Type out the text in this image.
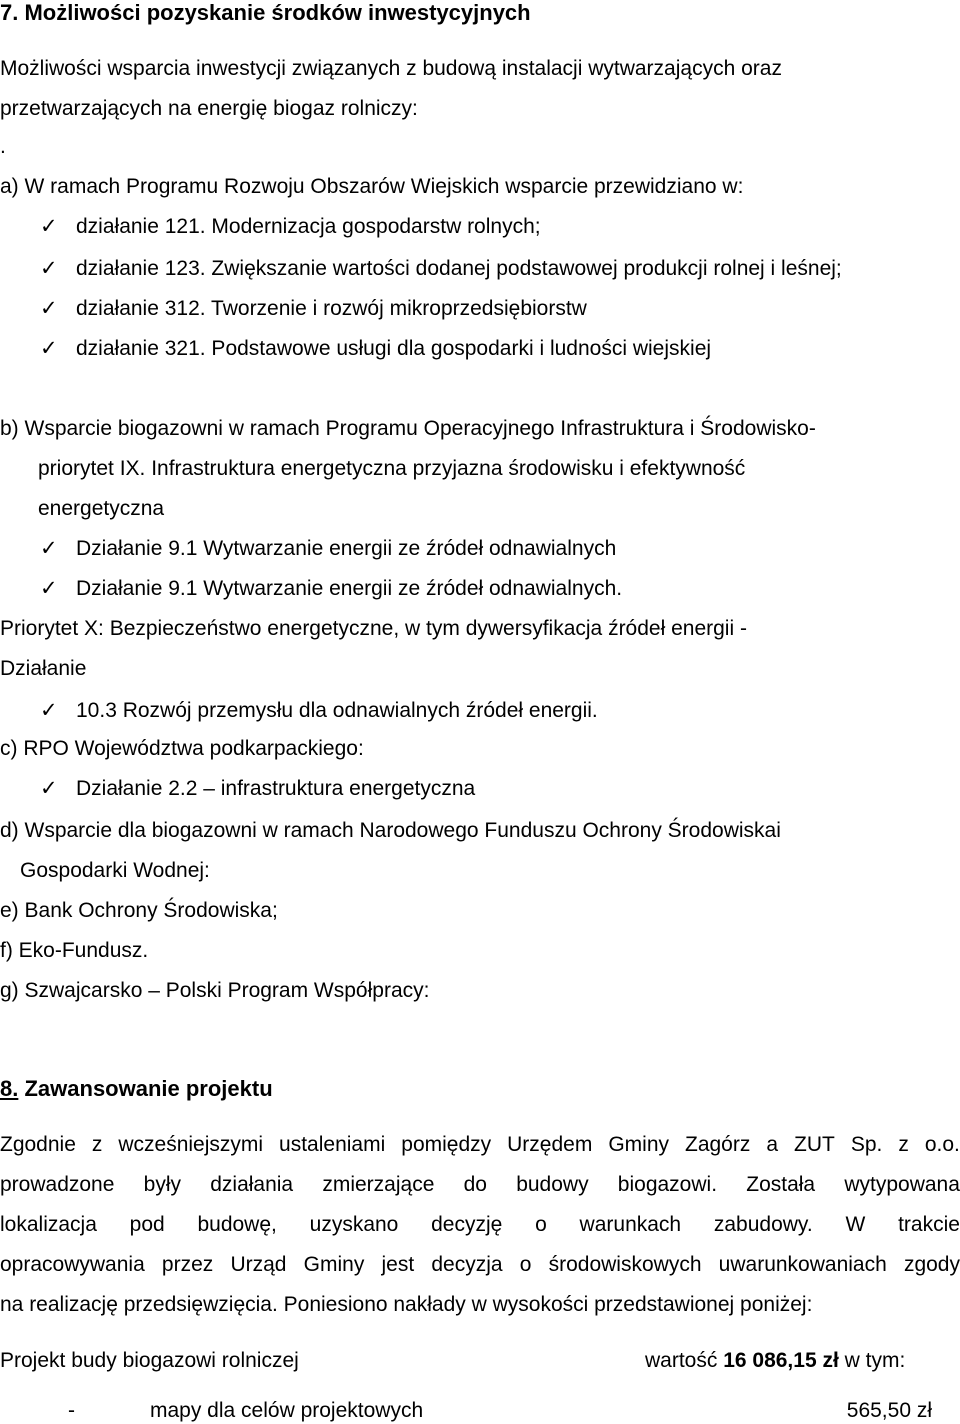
7. Możliwości pozyskanie środków inwestycyjnych
Możliwości wsparcia inwestycji związanych z budową instalacji wytwarzających oraz
przetwarzających na energię biogaz rolniczy:
.
a) W ramach Programu Rozwoju Obszarów Wiejskich wsparcie przewidziano w:
✓ działanie 121. Modernizacja gospodarstw rolnych;
✓ działanie 123. Zwiększanie wartości dodanej podstawowej produkcji rolnej i leśnej;
✓ działanie 312. Tworzenie i rozwój mikroprzedsiębiorstw
✓ działanie 321. Podstawowe usługi dla gospodarki i ludności wiejskiej
b) Wsparcie biogazowni w ramach Programu Operacyjnego Infrastruktura i Środowisko-
priorytet IX. Infrastruktura energetyczna przyjazna środowisku i efektywność
energetyczna
✓ Działanie 9.1 Wytwarzanie energii ze źródeł odnawialnych
✓ Działanie 9.1 Wytwarzanie energii ze źródeł odnawialnych.
Priorytet X: Bezpieczeństwo energetyczne, w tym dywersyfikacja źródeł energii -
Działanie
✓ 10.3 Rozwój przemysłu dla odnawialnych źródeł energii.
c) RPO Województwa podkarpackiego:
✓ Działanie 2.2 – infrastruktura energetyczna
d) Wsparcie dla biogazowni w ramach Narodowego Funduszu Ochrony Środowiskai
Gospodarki Wodnej:
e) Bank Ochrony Środowiska;
f) Eko-Fundusz.
g) Szwajcarsko – Polski Program Współpracy:
8. Zawansowanie projektu
Zgodnie z wcześniejszymi ustaleniami pomiędzy Urzędem Gminy Zagórz a ZUT Sp. z o.o.
prowadzone były działania zmierzające do budowy biogazowi. Została wytypowana
lokalizacja pod budowę, uzyskano decyzję o warunkach zabudowy. W trakcie
opracowywania przez Urząd Gminy jest decyzja o środowiskowych uwarunkowaniach zgody
na realizację przedsięwzięcia. Poniesiono nakłady w wysokości przedstawionej poniżej:
Projekt budy biogazowi rolniczej	wartość 16 086,15 zł w tym:
-	mapy dla celów projektowych	565,50 zł
